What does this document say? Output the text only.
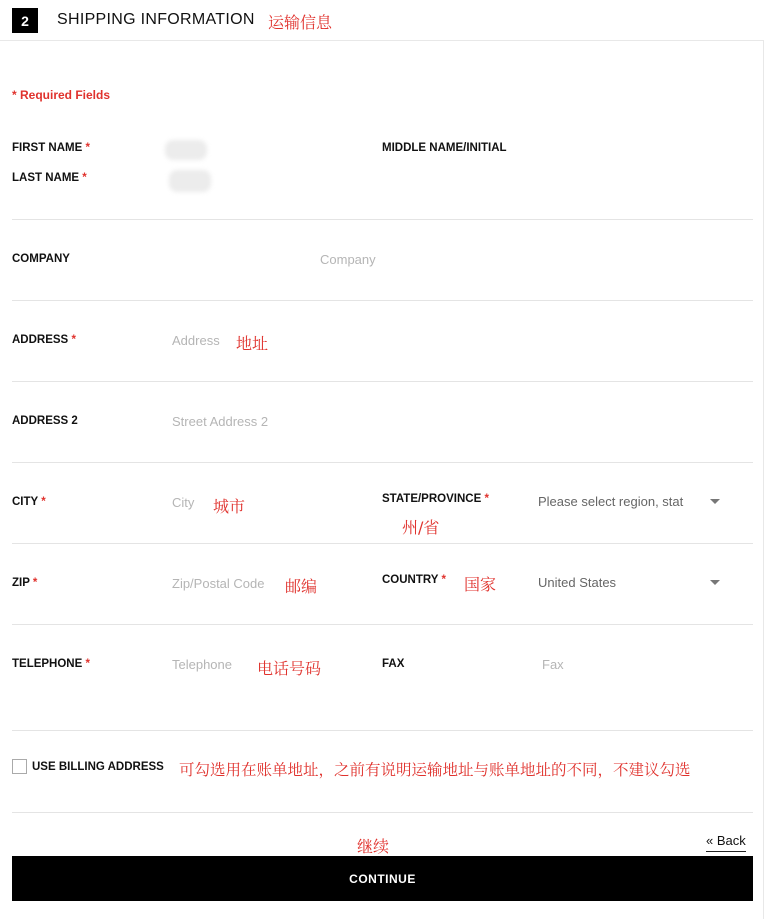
2	SHIPPING INFORMATION 运输信息
* Required Fields
FIRST NAME *	MIDDLE NAME/INITIAL
LAST NAME *
COMPANY	Company
ADDRESS *	Address 地址
ADDRESS 2	Street Address 2
CITY *	City 城市	STATE/PROVINCE *	Please select region, stat
州/省
ZIP *	Zip/Postal Code 邮编	COUNTRY * 国家	United States
TELEPHONE *	Telephone 电话号码	FAX	Fax
USE BILLING ADDRESS 可勾选用在账单地址，之前有说明运输地址与账单地址的不同，不建议勾选
继续	« Back
CONTINUE
